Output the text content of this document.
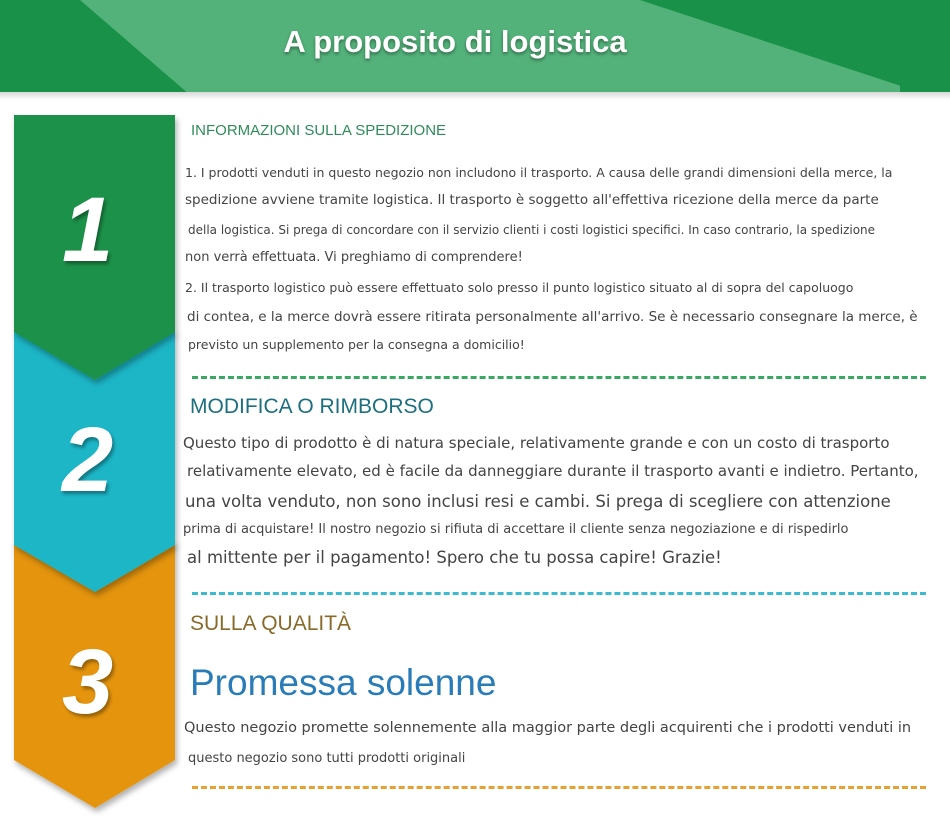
A proposito di logistica
1
2
3
INFORMAZIONI SULLA SPEDIZIONE
1. I prodotti venduti in questo negozio non includono il trasporto. A causa delle grandi dimensioni della merce, la
spedizione avviene tramite logistica. Il trasporto è soggetto all'effettiva ricezione della merce da parte
della logistica. Si prega di concordare con il servizio clienti i costi logistici specifici. In caso contrario, la spedizione
non verrà effettuata. Vi preghiamo di comprendere!
2. Il trasporto logistico può essere effettuato solo presso il punto logistico situato al di sopra del capoluogo
di contea, e la merce dovrà essere ritirata personalmente all'arrivo. Se è necessario consegnare la merce, è
previsto un supplemento per la consegna a domicilio!
MODIFICA O RIMBORSO
Questo tipo di prodotto è di natura speciale, relativamente grande e con un costo di trasporto
relativamente elevato, ed è facile da danneggiare durante il trasporto avanti e indietro. Pertanto,
una volta venduto, non sono inclusi resi e cambi. Si prega di scegliere con attenzione
prima di acquistare! Il nostro negozio si rifiuta di accettare il cliente senza negoziazione e di rispedirlo
al mittente per il pagamento! Spero che tu possa capire! Grazie!
SULLA QUALITÀ
Promessa solenne
Questo negozio promette solennemente alla maggior parte degli acquirenti che i prodotti venduti in
questo negozio sono tutti prodotti originali
